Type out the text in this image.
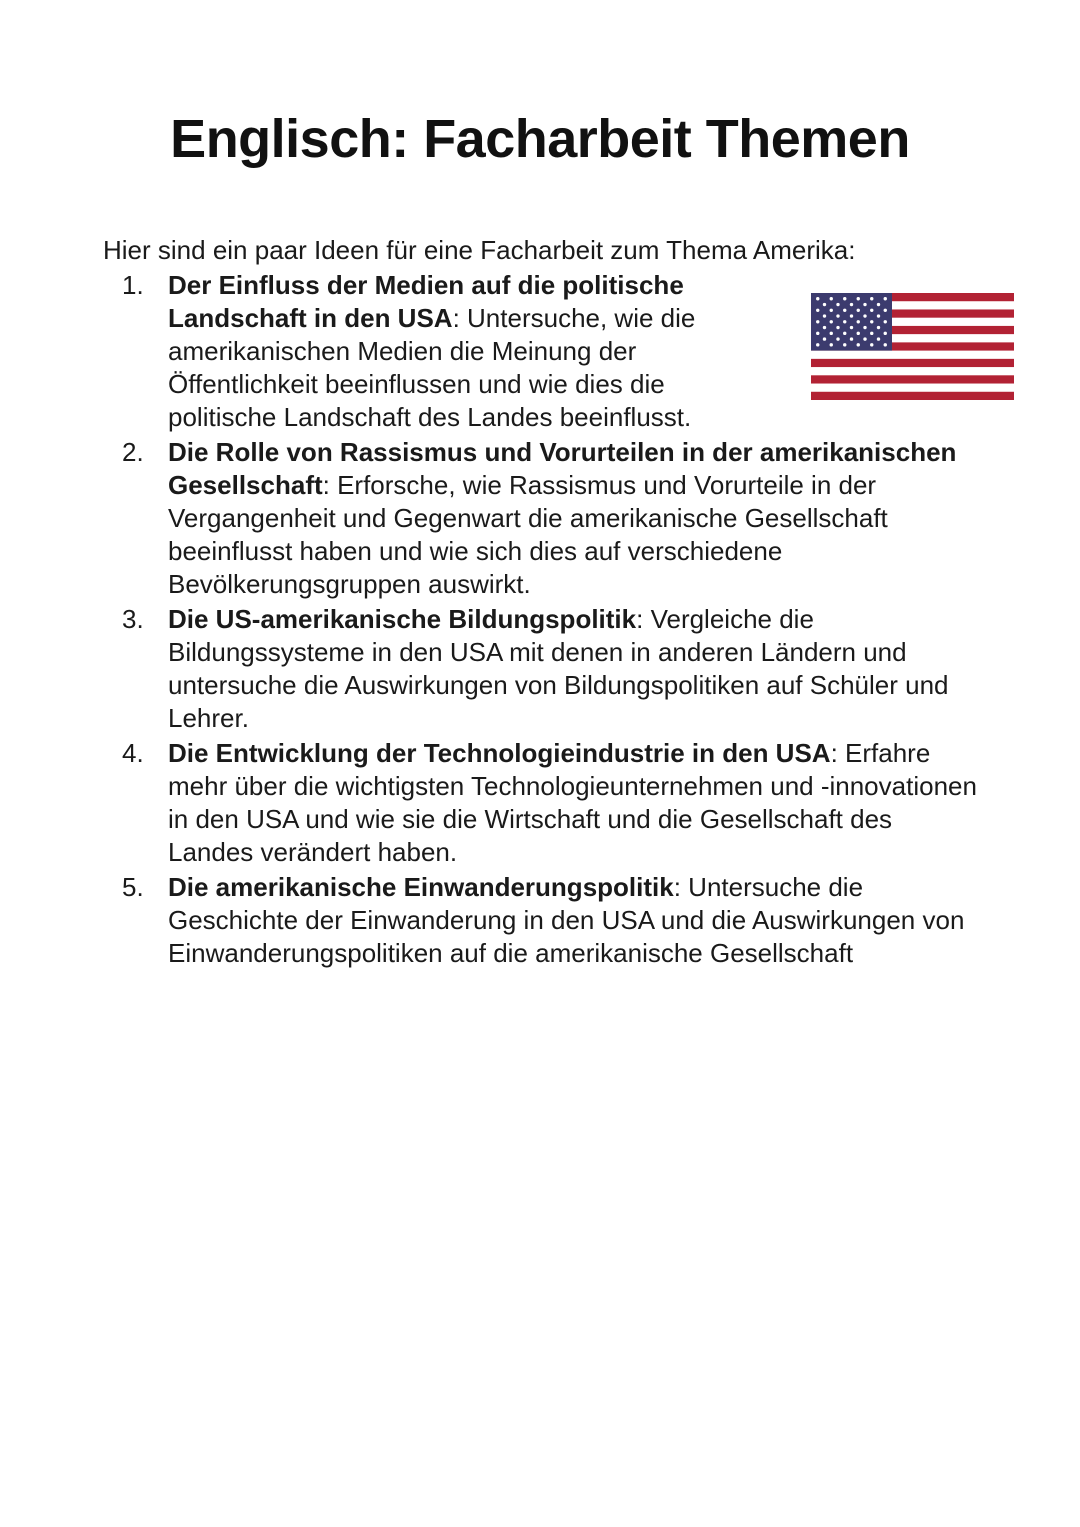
Englisch: Facharbeit Themen

Hier sind ein paar Ideen für eine Facharbeit zum Thema Amerika:

1. Der Einfluss der Medien auf die politische Landschaft in den USA: Untersuche, wie die amerikanischen Medien die Meinung der Öffentlichkeit beeinflussen und wie dies die politische Landschaft des Landes beeinflusst.
2. Die Rolle von Rassismus und Vorurteilen in der amerikanischen Gesellschaft: Erforsche, wie Rassismus und Vorurteile in der Vergangenheit und Gegenwart die amerikanische Gesellschaft beeinflusst haben und wie sich dies auf verschiedene Bevölkerungsgruppen auswirkt.
3. Die US-amerikanische Bildungspolitik: Vergleiche die Bildungssysteme in den USA mit denen in anderen Ländern und untersuche die Auswirkungen von Bildungspolitiken auf Schüler und Lehrer.
4. Die Entwicklung der Technologieindustrie in den USA: Erfahre mehr über die wichtigsten Technologieunternehmen und -innovationen in den USA und wie sie die Wirtschaft und die Gesellschaft des Landes verändert haben.
5. Die amerikanische Einwanderungspolitik: Untersuche die Geschichte der Einwanderung in den USA und die Auswirkungen von Einwanderungspolitiken auf die amerikanische Gesellschaft
